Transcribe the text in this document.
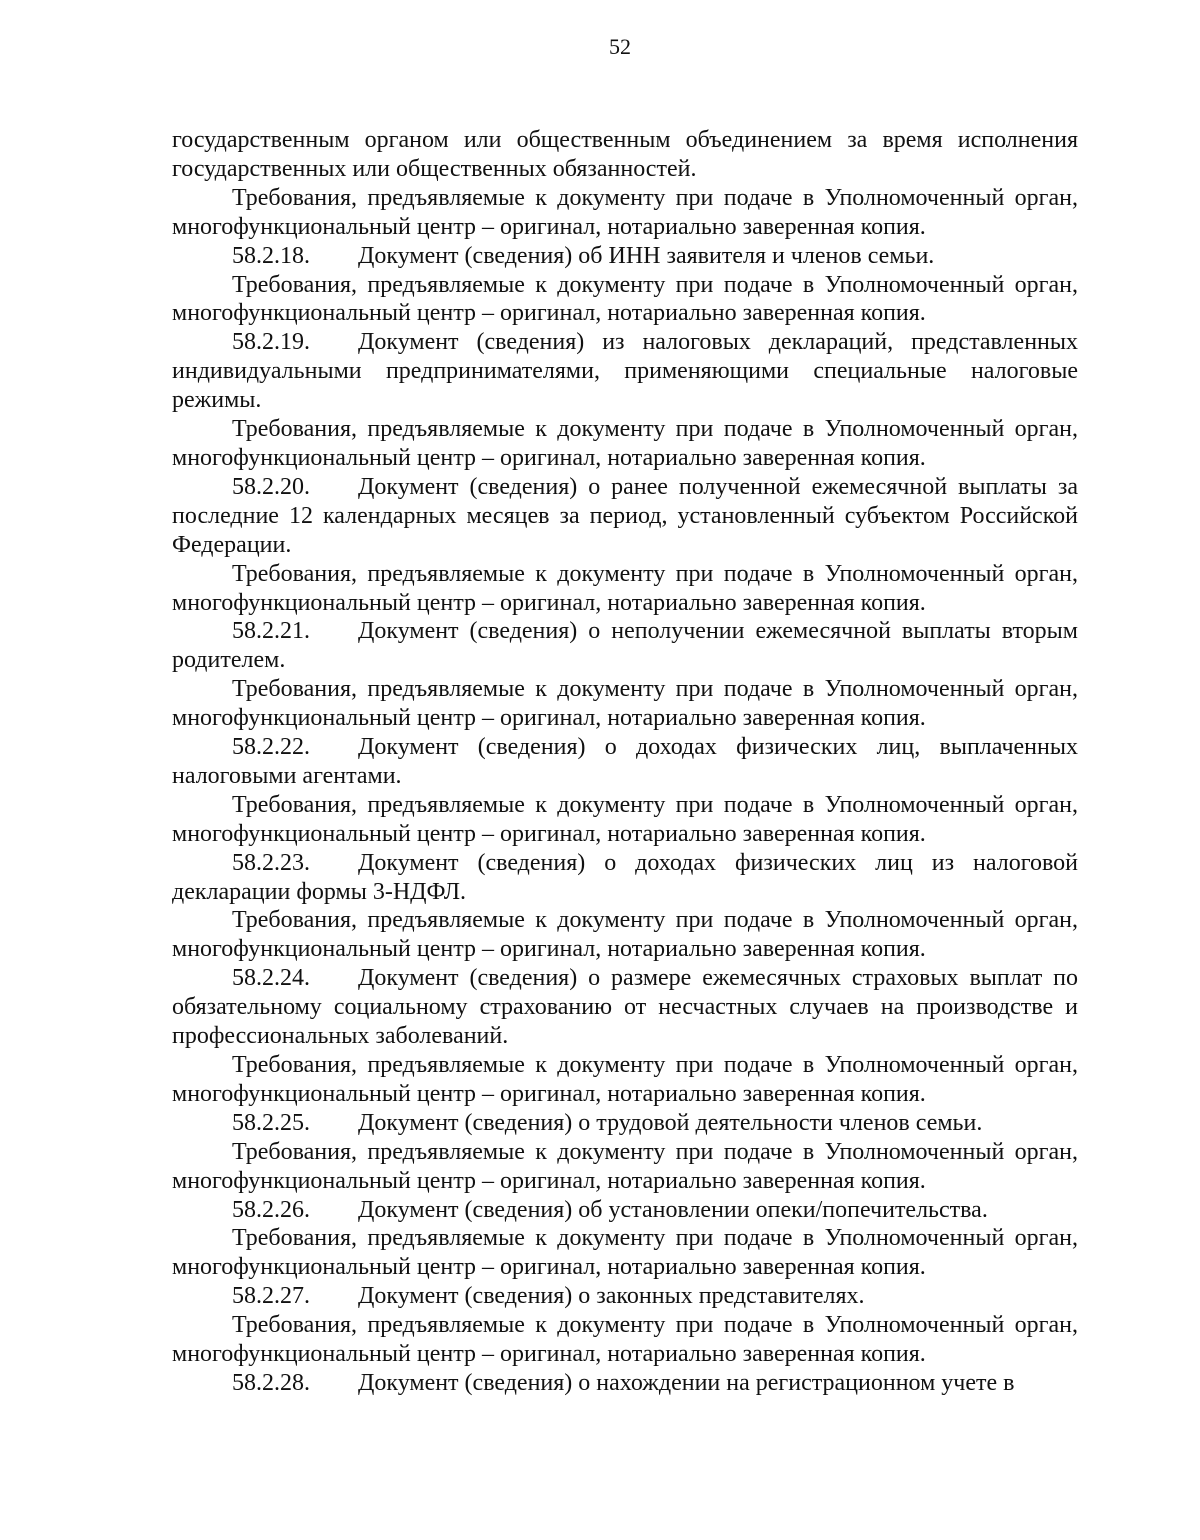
52

государственным органом или общественным объединением за время исполнения государственных или общественных обязанностей.

Требования, предъявляемые к документу при подаче в Уполномоченный орган, многофункциональный центр – оригинал, нотариально заверенная копия.

58.2.18. Документ (сведения) об ИНН заявителя и членов семьи.

Требования, предъявляемые к документу при подаче в Уполномоченный орган, многофункциональный центр – оригинал, нотариально заверенная копия.

58.2.19. Документ (сведения) из налоговых деклараций, представленных индивидуальными предпринимателями, применяющими специальные налоговые режимы.

Требования, предъявляемые к документу при подаче в Уполномоченный орган, многофункциональный центр – оригинал, нотариально заверенная копия.

58.2.20. Документ (сведения) о ранее полученной ежемесячной выплаты за последние 12 календарных месяцев за период, установленный субъектом Российской Федерации.

Требования, предъявляемые к документу при подаче в Уполномоченный орган, многофункциональный центр – оригинал, нотариально заверенная копия.

58.2.21. Документ (сведения) о неполучении ежемесячной выплаты вторым родителем.

Требования, предъявляемые к документу при подаче в Уполномоченный орган, многофункциональный центр – оригинал, нотариально заверенная копия.

58.2.22. Документ (сведения) о доходах физических лиц, выплаченных налоговыми агентами.

Требования, предъявляемые к документу при подаче в Уполномоченный орган, многофункциональный центр – оригинал, нотариально заверенная копия.

58.2.23. Документ (сведения) о доходах физических лиц из налоговой декларации формы 3-НДФЛ.

Требования, предъявляемые к документу при подаче в Уполномоченный орган, многофункциональный центр – оригинал, нотариально заверенная копия.

58.2.24. Документ (сведения) о размере ежемесячных страховых выплат по обязательному социальному страхованию от несчастных случаев на производстве и профессиональных заболеваний.

Требования, предъявляемые к документу при подаче в Уполномоченный орган, многофункциональный центр – оригинал, нотариально заверенная копия.

58.2.25. Документ (сведения) о трудовой деятельности членов семьи.

Требования, предъявляемые к документу при подаче в Уполномоченный орган, многофункциональный центр – оригинал, нотариально заверенная копия.

58.2.26. Документ (сведения) об установлении опеки/попечительства.

Требования, предъявляемые к документу при подаче в Уполномоченный орган, многофункциональный центр – оригинал, нотариально заверенная копия.

58.2.27. Документ (сведения) о законных представителях.

Требования, предъявляемые к документу при подаче в Уполномоченный орган, многофункциональный центр – оригинал, нотариально заверенная копия.

58.2.28. Документ (сведения) о нахождении на регистрационном учете в
